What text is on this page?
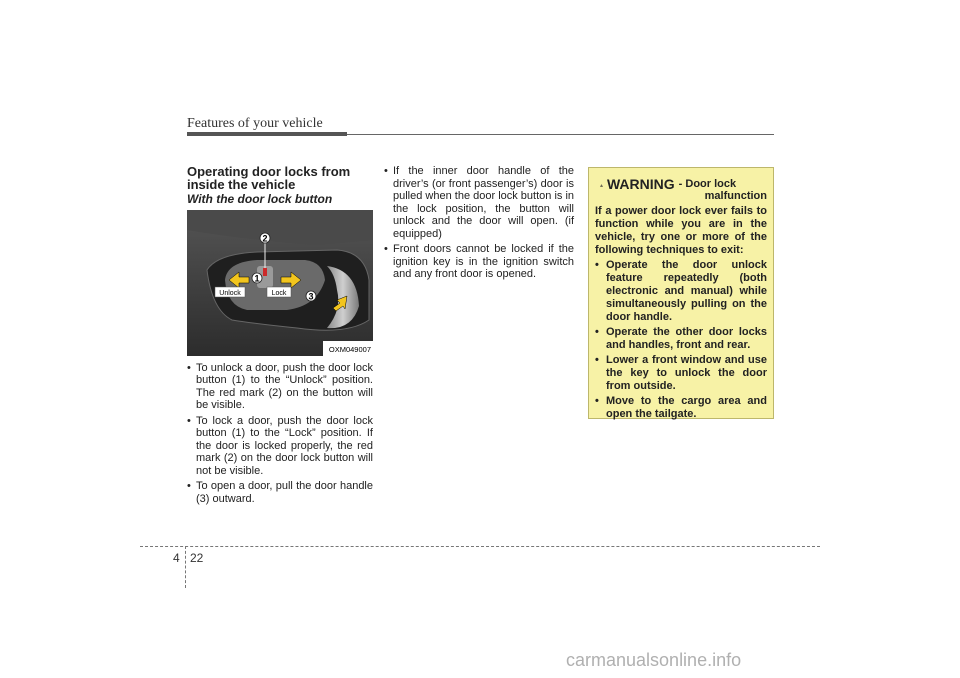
Features of your vehicle
Operating door locks from inside the vehicle
With the door lock button
2
1
3
Unlock	Lock
OXM049007
• To unlock a door, push the door lock button (1) to the “Unlock” position. The red mark (2) on the button will be visible.
• To lock a door, push the door lock button (1) to the “Lock” position. If the door is locked properly, the red mark (2) on the door lock button will not be visible.
• To open a door, pull the door handle (3) outward.
• If the inner door handle of the driver’s (or front passenger’s) door is pulled when the door lock button is in the lock position, the button will unlock and the door will open. (if equipped)
• Front doors cannot be locked if the ignition key is in the ignition switch and any front door is opened.
WARNING - Door lock
malfunction

If a power door lock ever fails to function while you are in the vehicle, try one or more of the following techniques to exit:

• Operate the door unlock feature repeatedly (both electronic and manual) while simultaneously pulling on the door handle.
• Operate the other door locks and handles, front and rear.
• Lower a front window and use the key to unlock the door from outside.
• Move to the cargo area and open the tailgate.
4 22
carmanualsonline.info
